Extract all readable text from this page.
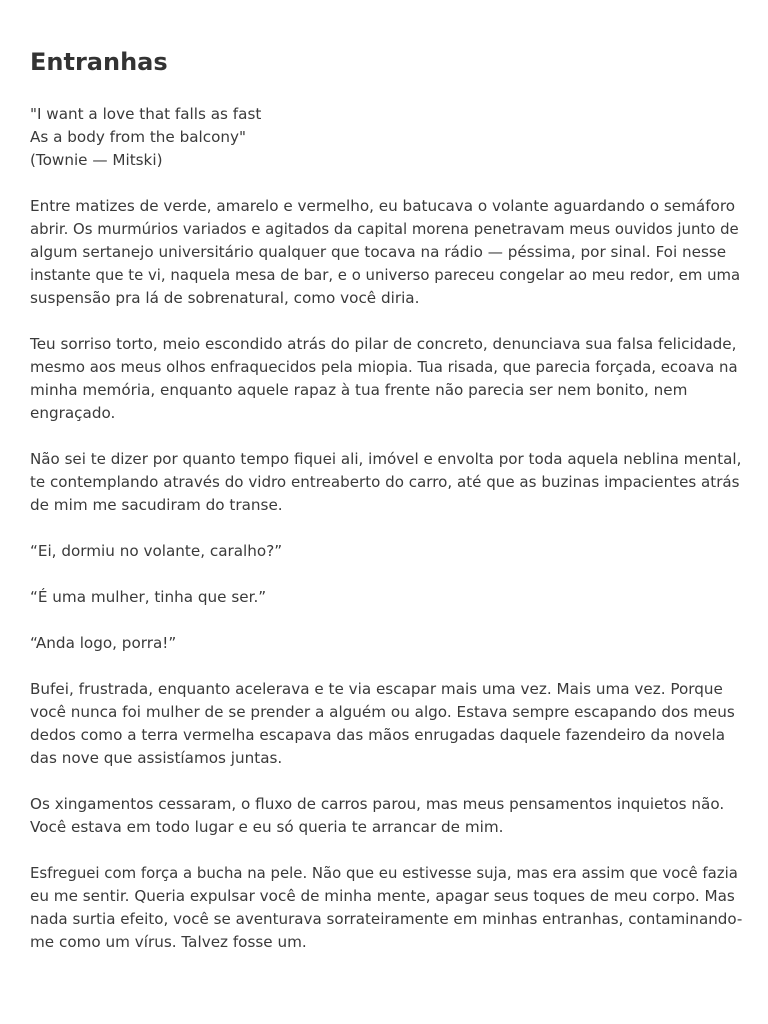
Entranhas

"I want a love that falls as fast
As a body from the balcony"
(Townie — Mitski)

Entre matizes de verde, amarelo e vermelho, eu batucava o volante aguardando o semáforo
abrir. Os murmúrios variados e agitados da capital morena penetravam meus ouvidos junto de
algum sertanejo universitário qualquer que tocava na rádio — péssima, por sinal. Foi nesse
instante que te vi, naquela mesa de bar, e o universo pareceu congelar ao meu redor, em uma
suspensão pra lá de sobrenatural, como você diria.

Teu sorriso torto, meio escondido atrás do pilar de concreto, denunciava sua falsa felicidade,
mesmo aos meus olhos enfraquecidos pela miopia. Tua risada, que parecia forçada, ecoava na
minha memória, enquanto aquele rapaz à tua frente não parecia ser nem bonito, nem
engraçado.

Não sei te dizer por quanto tempo fiquei ali, imóvel e envolta por toda aquela neblina mental,
te contemplando através do vidro entreaberto do carro, até que as buzinas impacientes atrás
de mim me sacudiram do transe.

“Ei, dormiu no volante, caralho?”

“É uma mulher, tinha que ser.”

“Anda logo, porra!”

Bufei, frustrada, enquanto acelerava e te via escapar mais uma vez. Mais uma vez. Porque
você nunca foi mulher de se prender a alguém ou algo. Estava sempre escapando dos meus
dedos como a terra vermelha escapava das mãos enrugadas daquele fazendeiro da novela
das nove que assistíamos juntas.

Os xingamentos cessaram, o fluxo de carros parou, mas meus pensamentos inquietos não.
Você estava em todo lugar e eu só queria te arrancar de mim.

Esfreguei com força a bucha na pele. Não que eu estivesse suja, mas era assim que você fazia
eu me sentir. Queria expulsar você de minha mente, apagar seus toques de meu corpo. Mas
nada surtia efeito, você se aventurava sorrateiramente em minhas entranhas, contaminando-
me como um vírus. Talvez fosse um.
